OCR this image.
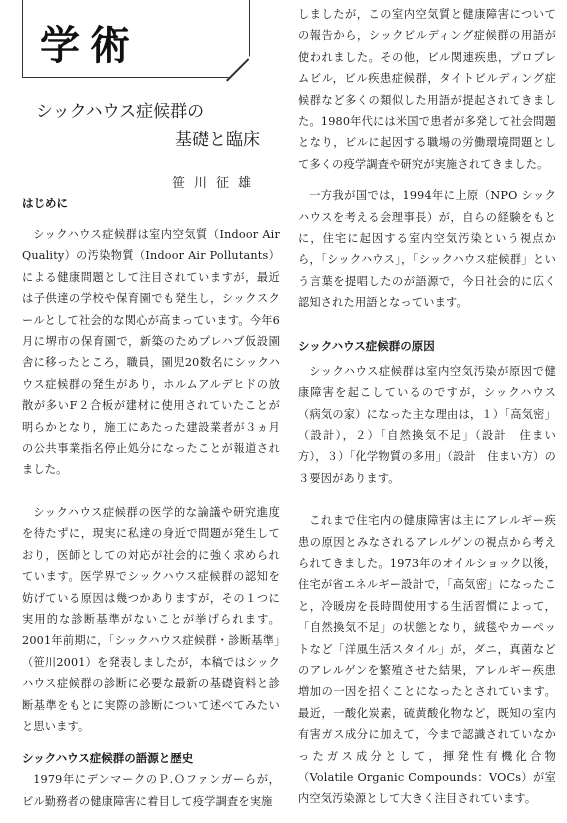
学術
シックハウス症候群の
基礎と臨床
笹川征雄
はじめに

シックハウス症候群は室内空気質（Indoor Air Quality）の汚染物質（Indoor Air Pollutants）による健康問題として注目されていますが，最近は子供達の学校や保育園でも発生し，シックスクールとして社会的な関心が高まっています。今年6月に堺市の保育園で，新築のためプレハブ仮設園舎に移ったところ，職員，園児20数名にシックハウス症候群の発生があり，ホルムアルデヒドの放散が多いF２合板が建材に使用されていたことが明らかとなり，施工にあたった建設業者が３ヵ月の公共事業指名停止処分になったことが報道されました。

シックハウス症候群の医学的な論議や研究進度を待たずに，現実に私達の身近で問題が発生しており，医師としての対応が社会的に強く求められています。医学界でシックハウス症候群の認知を妨げている原因は幾つかありますが，その１つに実用的な診断基準がないことが挙げられます。2001年前期に，「シックハウス症候群・診断基準」（笹川2001）を発表しましたが，本稿ではシックハウス症候群の診断に必要な最新の基礎資料と診断基準をもとに実際の診断について述べてみたいと思います。

シックハウス症候群の語源と歴史

1979年にデンマークのＰ.Ｏファンガーらが，ビル勤務者の健康障害に着目して疫学調査を実施

しましたが，この室内空気質と健康障害についての報告から，シックビルディング症候群の用語が使われました。その他，ビル関連疾患，プロブレムビル，ビル疾患症候群，タイトビルディング症候群など多くの類似した用語が提起されてきました。1980年代には米国で患者が多発して社会問題となり，ビルに起因する職場の労働環境問題として多くの疫学調査や研究が実施されてきました。

一方我が国では，1994年に上原（NPO シックハウスを考える会理事長）が，自らの経験をもとに，住宅に起因する室内空気汚染という視点から，「シックハウス」，「シックハウス症候群」という言葉を提唱したのが語源で，今日社会的に広く認知された用語となっています。

シックハウス症候群の原因

シックハウス症候群は室内空気汚染が原因で健康障害を起こしているのですが，シックハウス（病気の家）になった主な理由は，１）「高気密」（設計），２）「自然換気不足」（設計　住まい方），３）「化学物質の多用」（設計　住まい方）の３要因があります。

これまで住宅内の健康障害は主にアレルギー疾患の原因とみなされるアレルゲンの視点から考えられてきました。1973年のオイルショック以後，住宅が省エネルギー設計で，「高気密」になったこと，冷暖房を長時間使用する生活習慣によって，「自然換気不足」の状態となり，絨毯やカーペットなど「洋風生活スタイル」が，ダニ，真菌などのアレルゲンを繁殖させた結果，アレルギー疾患増加の一因を招くことになったとされています。最近，一酸化炭素，硫黄酸化物など，既知の室内有害ガス成分に加えて，今まで認識されていなかったガス成分として，揮発性有機化合物（Volatile Organic Compounds：VOCs）が室内空気汚染源として大きく注目されています。
